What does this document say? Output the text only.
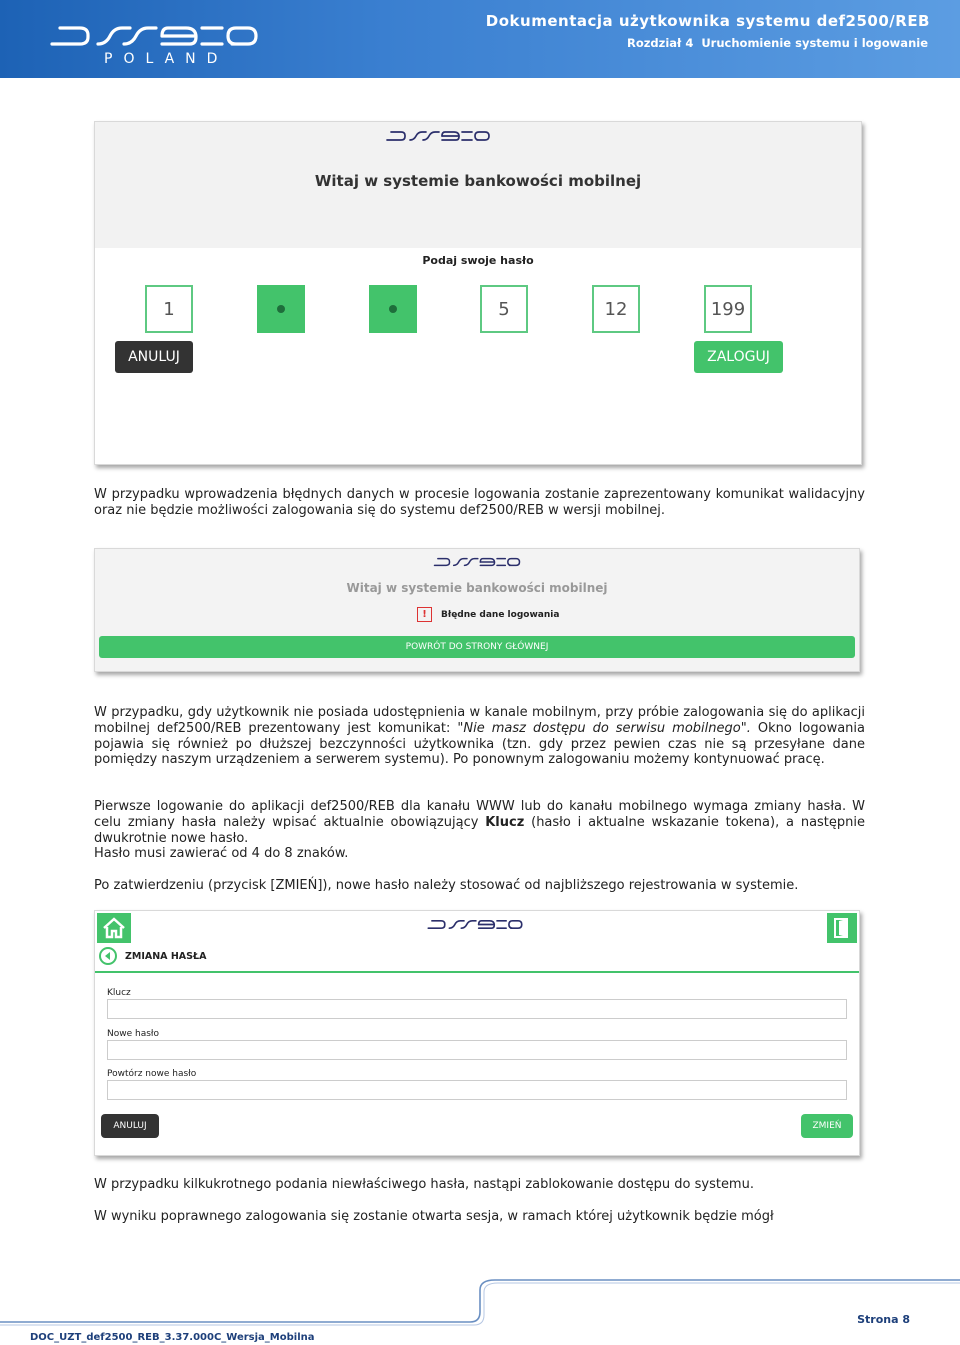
POLAND
Dokumentacja użytkownika systemu def2500/REB
Rozdział 4 Uruchomienie systemu i logowanie
Witaj w systemie bankowości mobilnej
Podaj swoje hasło
1	5	12	199
ANULUJ	ZALOGUJ
W przypadku wprowadzenia błędnych danych w procesie logowania zostanie zaprezentowany komunikat walidacyjny oraz nie będzie możliwości zalogowania się do systemu def2500/REB w wersji mobilnej.
Witaj w systemie bankowości mobilnej
!	Błędne dane logowania
POWRÓT DO STRONY GŁÓWNEJ
W przypadku, gdy użytkownik nie posiada udostępnienia w kanale mobilnym, przy próbie zalogowania się do aplikacji mobilnej def2500/REB prezentowany jest komunikat: "Nie masz dostępu do serwisu mobilnego". Okno logowania pojawia się również po dłuższej bezczynności użytkownika (tzn. gdy przez pewien czas nie są przesyłane dane pomiędzy naszym urządzeniem a serwerem systemu). Po ponownym zalogowaniu możemy kontynuować pracę.
Pierwsze logowanie do aplikacji def2500/REB dla kanału WWW lub do kanału mobilnego wymaga zmiany hasła. W celu zmiany hasła należy wpisać aktualnie obowiązujący Klucz (hasło i aktualne wskazanie tokena), a następnie dwukrotnie nowe hasło.
Hasło musi zawierać od 4 do 8 znaków.
Po zatwierdzeniu (przycisk [ZMIEŃ]), nowe hasło należy stosować od najbliższego rejestrowania w systemie.
ZMIANA HASŁA
Klucz
Nowe hasło
Powtórz nowe hasło
ANULUJ	ZMIEŃ
W przypadku kilkukrotnego podania niewłaściwego hasła, nastąpi zablokowanie dostępu do systemu.
W wyniku poprawnego zalogowania się zostanie otwarta sesja, w ramach której użytkownik będzie mógł
Strona 8
DOC_UZT_def2500_REB_3.37.000C_Wersja_Mobilna
